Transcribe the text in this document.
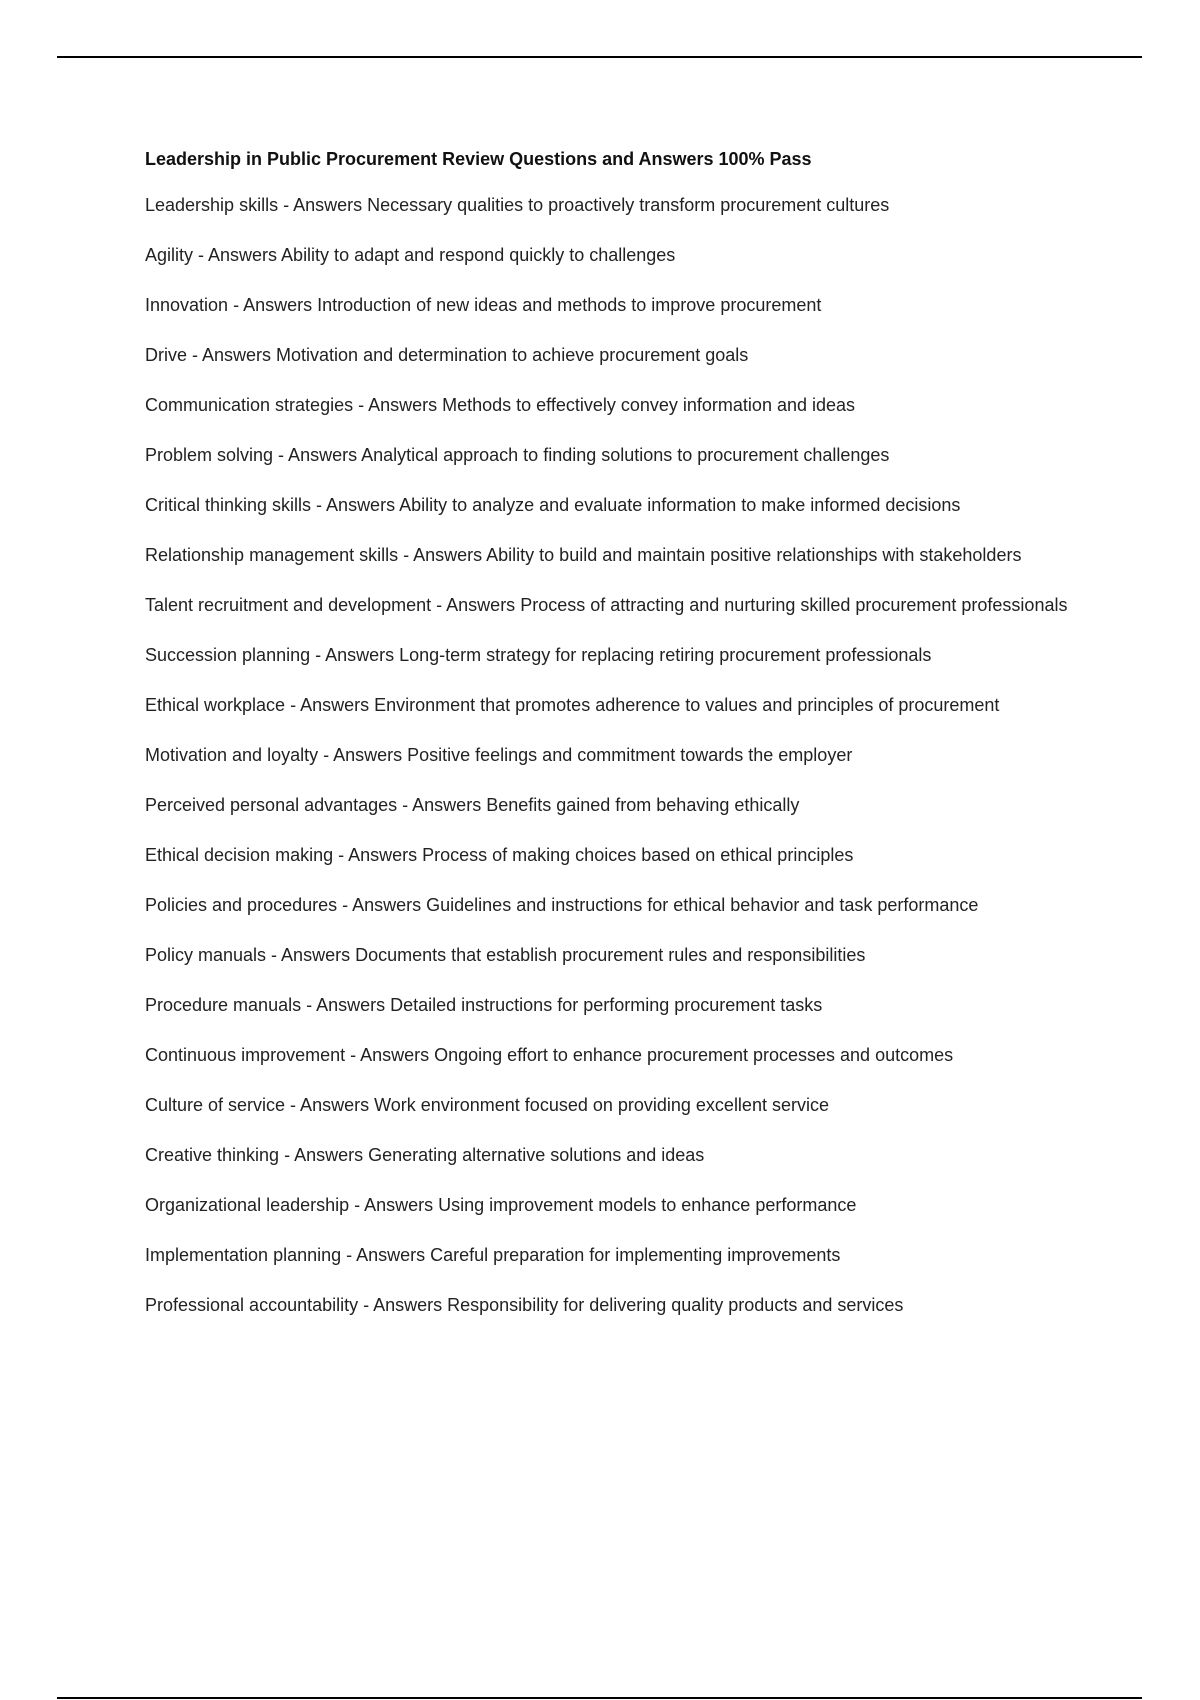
Leadership in Public Procurement Review Questions and Answers 100% Pass
Leadership skills - Answers Necessary qualities to proactively transform procurement cultures
Agility - Answers Ability to adapt and respond quickly to challenges
Innovation - Answers Introduction of new ideas and methods to improve procurement
Drive - Answers Motivation and determination to achieve procurement goals
Communication strategies - Answers Methods to effectively convey information and ideas
Problem solving - Answers Analytical approach to finding solutions to procurement challenges
Critical thinking skills - Answers Ability to analyze and evaluate information to make informed decisions
Relationship management skills - Answers Ability to build and maintain positive relationships with stakeholders
Talent recruitment and development - Answers Process of attracting and nurturing skilled procurement professionals
Succession planning - Answers Long-term strategy for replacing retiring procurement professionals
Ethical workplace - Answers Environment that promotes adherence to values and principles of procurement
Motivation and loyalty - Answers Positive feelings and commitment towards the employer
Perceived personal advantages - Answers Benefits gained from behaving ethically
Ethical decision making - Answers Process of making choices based on ethical principles
Policies and procedures - Answers Guidelines and instructions for ethical behavior and task performance
Policy manuals - Answers Documents that establish procurement rules and responsibilities
Procedure manuals - Answers Detailed instructions for performing procurement tasks
Continuous improvement - Answers Ongoing effort to enhance procurement processes and outcomes
Culture of service - Answers Work environment focused on providing excellent service
Creative thinking - Answers Generating alternative solutions and ideas
Organizational leadership - Answers Using improvement models to enhance performance
Implementation planning - Answers Careful preparation for implementing improvements
Professional accountability - Answers Responsibility for delivering quality products and services
